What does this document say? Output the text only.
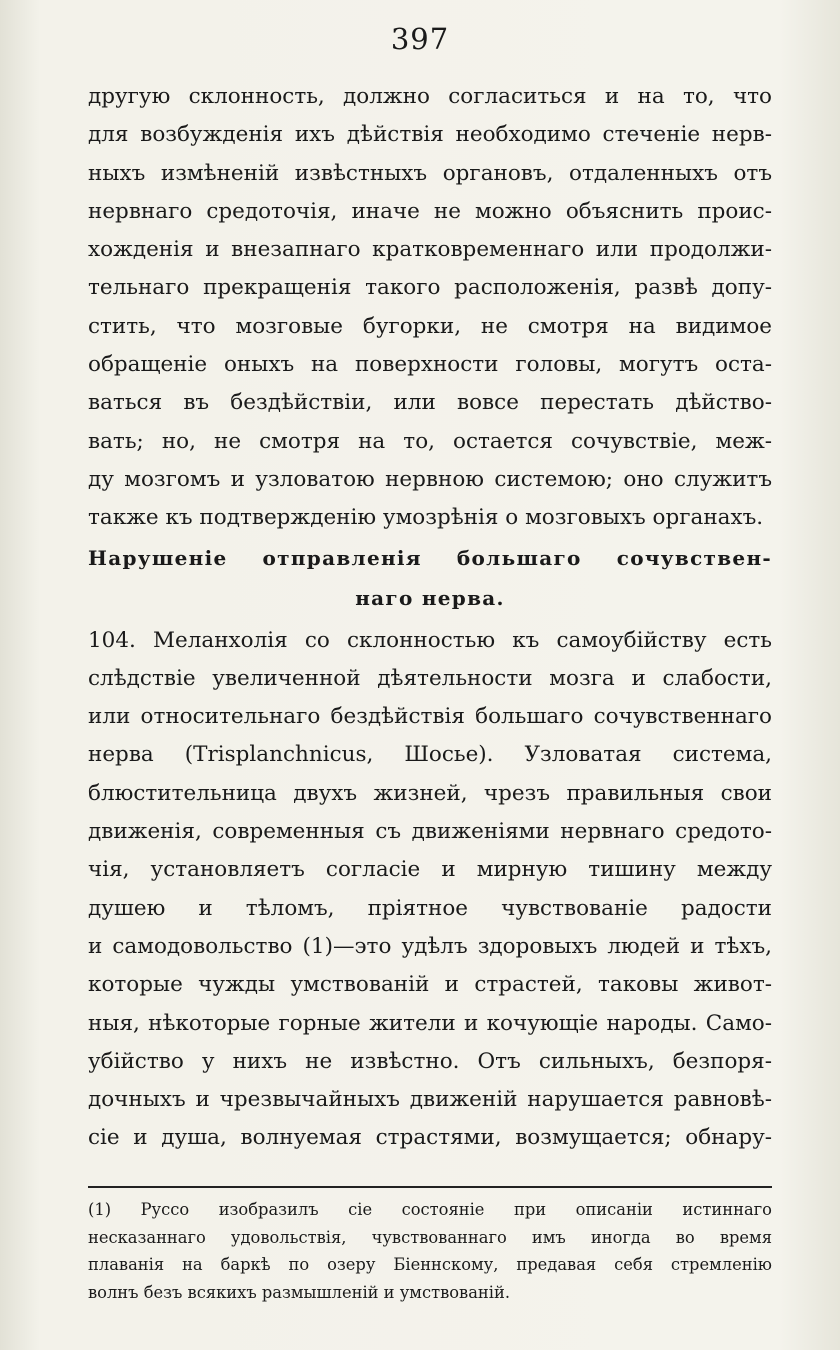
397
другую склонность, должно согласиться и на то, что
для возбужденія ихъ дѣйствія необходимо стеченіе нерв-
ныхъ измѣненій извѣстныхъ органовъ, отдаленныхъ отъ
нервнаго средоточія, иначе не можно объяснить проис-
хожденія и внезапнаго кратковременнаго или продолжи-
тельнаго прекращенія такого расположенія, развѣ допу-
стить, что мозговые бугорки, не смотря на видимое
обращеніе оныхъ на поверхности головы, могутъ оста-
ваться въ бездѣйствіи, или вовсе перестать дѣйство-
вать; но, не смотря на то, остается сочувствіе, меж-
ду мозгомъ и узловатою нервною системою; оно служитъ
также къ подтвержденію умозрѣнія о мозговыхъ органахъ.
Нарушеніе отправленія большаго сочувствен-
наго нерва.
104. Меланхолія со склонностью къ самоубійству есть
слѣдствіе увеличенной дѣятельности мозга и слабости,
или относительнаго бездѣйствія большаго сочувственнаго
нерва (Trisplanchnicus, Шосье). Узловатая система,
блюстительница двухъ жизней, чрезъ правильныя свои
движенія, современныя съ движеніями нервнаго средото-
чія, установляетъ согласіе и мирную тишину между
душею и тѣломъ, пріятное чувствованіе радости
и самодовольство (1)—это удѣлъ здоровыхъ людей и тѣхъ,
которые чужды умствованій и страстей, таковы живот-
ныя, нѣкоторые горные жители и кочующіе народы. Само-
убійство у нихъ не извѣстно. Отъ сильныхъ, безпоря-
дочныхъ и чрезвычайныхъ движеній нарушается равновѣ-
сіе и душа, волнуемая страстями, возмущается; обнару-
(1) Руссо изобразилъ сіе состояніе при описаніи истиннаго
несказаннаго удовольствія, чувствованнаго имъ иногда во время
плаванія на баркѣ по озеру Біеннскому, предавая себя стремленію
волнъ безъ всякихъ размышленій и умствованій.
